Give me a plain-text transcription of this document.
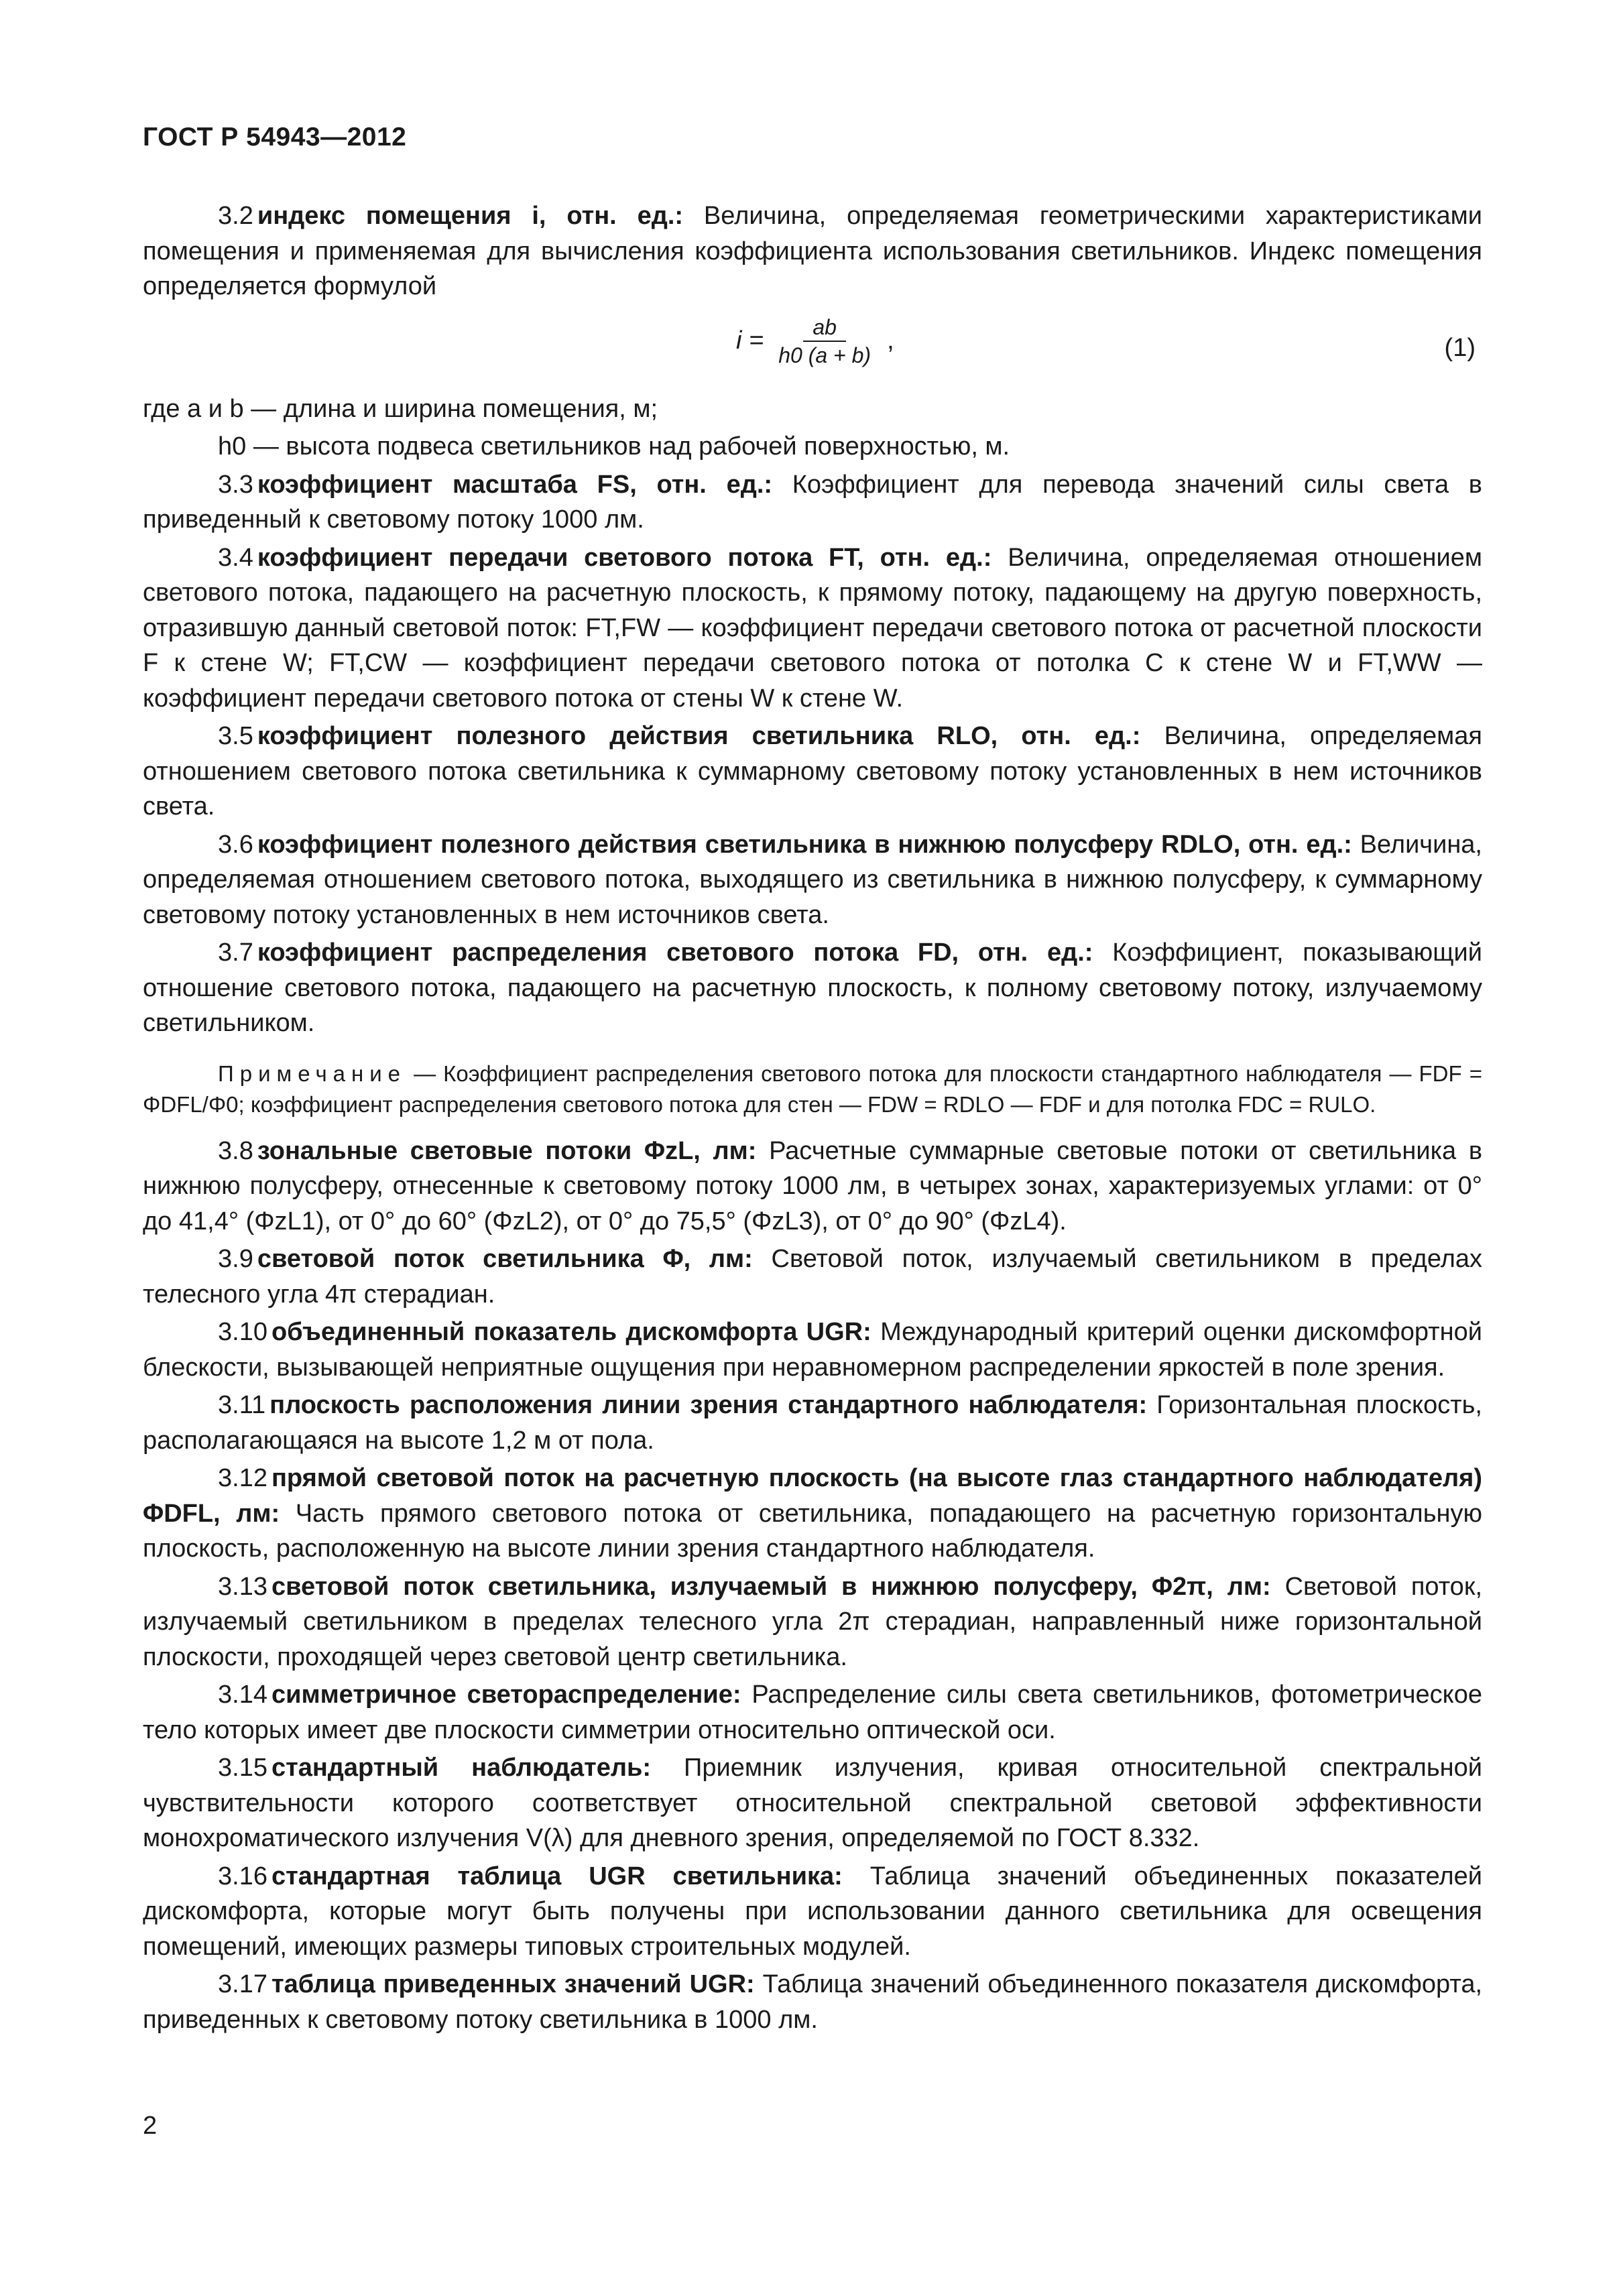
ГОСТ Р 54943—2012

3.2 индекс помещения i, отн. ед.: Величина, определяемая геометрическими характеристиками помещения и применяемая для вычисления коэффициента использования светильников. Индекс помещения определяется формулой

$i = \frac{ab}{h0 (a + b)}$ ,	(1)

где a и b — длина и ширина помещения, м;

h0 — высота подвеса светильников над рабочей поверхностью, м.

3.3 коэффициент масштаба FS, отн. ед.: Коэффициент для перевода значений силы света в приведенный к световому потоку 1000 лм.

3.4 коэффициент передачи светового потока FT, отн. ед.: Величина, определяемая отношением светового потока, падающего на расчетную плоскость, к прямому потоку, падающему на другую поверхность, отразившую данный световой поток: FT,FW — коэффициент передачи светового потока от расчетной плоскости F к стене W; FT,CW — коэффициент передачи светового потока от потолка C к стене W и FT,WW — коэффициент передачи светового потока от стены W к стене W.

3.5 коэффициент полезного действия светильника RLO, отн. ед.: Величина, определяемая отношением светового потока светильника к суммарному световому потоку установленных в нем источников света.

3.6 коэффициент полезного действия светильника в нижнюю полусферу RDLO, отн. ед.: Величина, определяемая отношением светового потока, выходящего из светильника в нижнюю полусферу, к суммарному световому потоку установленных в нем источников света.

3.7 коэффициент распределения светового потока FD, отн. ед.: Коэффициент, показывающий отношение светового потока, падающего на расчетную плоскость, к полному световому потоку, излучаемому светильником.

Примечание — Коэффициент распределения светового потока для плоскости стандартного наблюдателя — FDF = ΦDFL/Φ0; коэффициент распределения светового потока для стен — FDW = RDLO — FDF и для потолка FDC = RULO.

3.8 зональные световые потоки ΦzL, лм: Расчетные суммарные световые потоки от светильника в нижнюю полусферу, отнесенные к световому потоку 1000 лм, в четырех зонах, характеризуемых углами: от 0° до 41,4° (ΦzL1), от 0° до 60° (ΦzL2), от 0° до 75,5° (ΦzL3), от 0° до 90° (ΦzL4).

3.9 световой поток светильника Φ, лм: Световой поток, излучаемый светильником в пределах телесного угла 4π стерадиан.

3.10 объединенный показатель дискомфорта UGR: Международный критерий оценки дискомфортной блескости, вызывающей неприятные ощущения при неравномерном распределении яркостей в поле зрения.

3.11 плоскость расположения линии зрения стандартного наблюдателя: Горизонтальная плоскость, располагающаяся на высоте 1,2 м от пола.

3.12 прямой световой поток на расчетную плоскость (на высоте глаз стандартного наблюдателя) ΦDFL, лм: Часть прямого светового потока от светильника, попадающего на расчетную горизонтальную плоскость, расположенную на высоте линии зрения стандартного наблюдателя.

3.13 световой поток светильника, излучаемый в нижнюю полусферу, Φ2π, лм: Световой поток, излучаемый светильником в пределах телесного угла 2π стерадиан, направленный ниже горизонтальной плоскости, проходящей через световой центр светильника.

3.14 симметричное светораспределение: Распределение силы света светильников, фотометрическое тело которых имеет две плоскости симметрии относительно оптической оси.

3.15 стандартный наблюдатель: Приемник излучения, кривая относительной спектральной чувствительности которого соответствует относительной спектральной световой эффективности монохроматического излучения V(λ) для дневного зрения, определяемой по ГОСТ 8.332.

3.16 стандартная таблица UGR светильника: Таблица значений объединенных показателей дискомфорта, которые могут быть получены при использовании данного светильника для освещения помещений, имеющих размеры типовых строительных модулей.

3.17 таблица приведенных значений UGR: Таблица значений объединенного показателя дискомфорта, приведенных к световому потоку светильника в 1000 лм.

2
